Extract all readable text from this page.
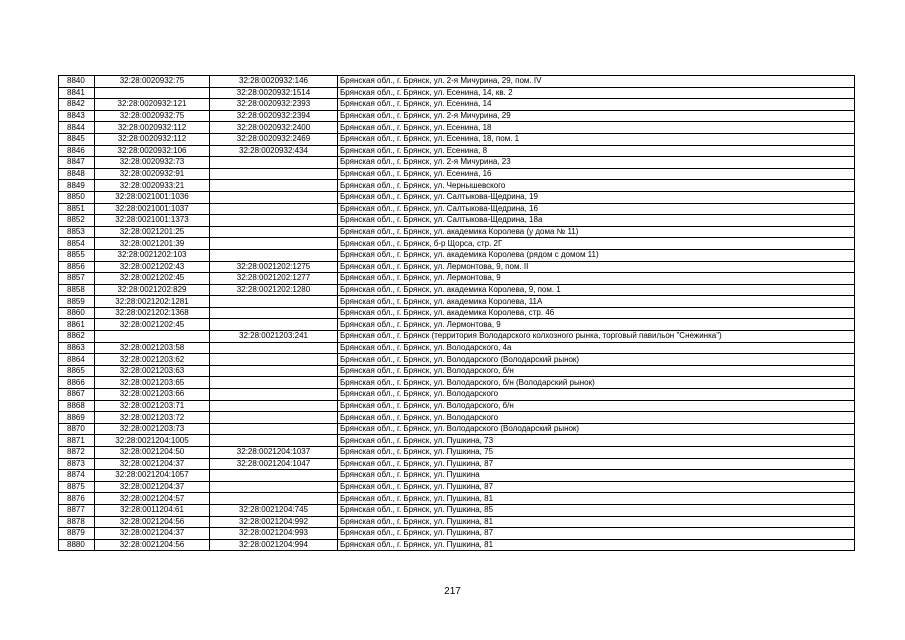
8840	32:28:0020932:75	32:28:0020932:146	Брянская обл., г. Брянск, ул. 2-я Мичурина, 29, пом. IV
8841		32:28:0020932:1514	Брянская обл., г. Брянск, ул. Есенина, 14, кв. 2
8842	32:28:0020932:121	32:28:0020932:2393	Брянская обл., г. Брянск, ул. Есенина, 14
8843	32:28:0020932:75	32:28:0020932:2394	Брянская обл., г. Брянск, ул. 2-я Мичурина, 29
8844	32:28:0020932:112	32:28:0020932:2400	Брянская обл., г. Брянск, ул. Есенина, 18
8845	32:28:0020932:112	32:28:0020932:2469	Брянская обл., г. Брянск, ул. Есенина, 18, пом. 1
8846	32:28:0020932:106	32:28:0020932:434	Брянская обл., г. Брянск, ул. Есенина, 8
8847	32:28:0020932:73		Брянская обл., г. Брянск, ул. 2-я Мичурина, 23
8848	32:28:0020932:91		Брянская обл., г. Брянск, ул. Есенина, 16
8849	32:28:0020933:21		Брянская обл., г. Брянск, ул. Чернышевского
8850	32:28:0021001:1036		Брянская обл., г. Брянск, ул. Салтыкова-Щедрина, 19
8851	32:28:0021001:1037		Брянская обл., г. Брянск, ул. Салтыкова-Щедрина, 16
8852	32:28:0021001:1373		Брянская обл., г. Брянск, ул. Салтыкова-Щедрина, 18а
8853	32:28:0021201:25		Брянская обл., г. Брянск, ул. академика Королева (у дома № 11)
8854	32:28:0021201:39		Брянская обл., г. Брянск, б-р Щорса, стр. 2Г
8855	32:28:0021202:103		Брянская обл., г. Брянск, ул. академика Королева (рядом с домом 11)
8856	32:28:0021202:43	32:28:0021202:1275	Брянская обл., г. Брянск, ул. Лермонтова, 9, пом. II
8857	32:28:0021202:45	32:28:0021202:1277	Брянская обл., г. Брянск, ул. Лермонтова, 9
8858	32:28:0021202:829	32:28:0021202:1280	Брянская обл., г. Брянск, ул. академика Королева, 9, пом. 1
8859	32:28:0021202:1281		Брянская обл., г. Брянск, ул. академика Королева, 11А
8860	32:28:0021202:1368		Брянская обл., г. Брянск, ул. академика Королева, стр. 46
8861	32:28:0021202:45		Брянская обл., г. Брянск, ул. Лермонтова, 9
8862		32:28:0021203:241	Брянская обл., г. Брянск (территория Володарского колхозного рынка, торговый павильон "Снежинка")
8863	32:28:0021203:58		Брянская обл., г. Брянск, ул. Володарского, 4а
8864	32:28:0021203:62		Брянская обл., г. Брянск, ул. Володарского (Володарский рынок)
8865	32:28:0021203:63		Брянская обл., г. Брянск, ул. Володарского, б/н
8866	32:28:0021203:65		Брянская обл., г. Брянск, ул. Володарского, б/н (Володарский рынок)
8867	32:28:0021203:66		Брянская обл., г. Брянск, ул. Володарского
8868	32:28:0021203:71		Брянская обл., г. Брянск, ул. Володарского, б/н
8869	32:28:0021203:72		Брянская обл., г. Брянск, ул. Володарского
8870	32:28:0021203:73		Брянская обл., г. Брянск, ул. Володарского (Володарский рынок)
8871	32:28:0021204:1005		Брянская обл., г. Брянск, ул. Пушкина, 73
8872	32:28:0021204:50	32:28:0021204:1037	Брянская обл., г. Брянск, ул. Пушкина, 75
8873	32:28:0021204:37	32:28:0021204:1047	Брянская обл., г. Брянск, ул. Пушкина, 87
8874	32:28:0021204:1057		Брянская обл., г. Брянск, ул. Пушкина
8875	32:28:0021204:37		Брянская обл., г. Брянск, ул. Пушкина, 87
8876	32:28:0021204:57		Брянская обл., г. Брянск, ул. Пушкина, 81
8877	32:28:0011204:61	32:28:0021204:745	Брянская обл., г. Брянск, ул. Пушкина, 85
8878	32:28:0021204:56	32:28:0021204:992	Брянская обл., г. Брянск, ул. Пушкина, 81
8879	32:28:0021204:37	32:28:0021204:993	Брянская обл., г. Брянск, ул. Пушкина, 87
8880	32:28:0021204:56	32:28:0021204:994	Брянская обл., г. Брянск, ул. Пушкина, 81
217
